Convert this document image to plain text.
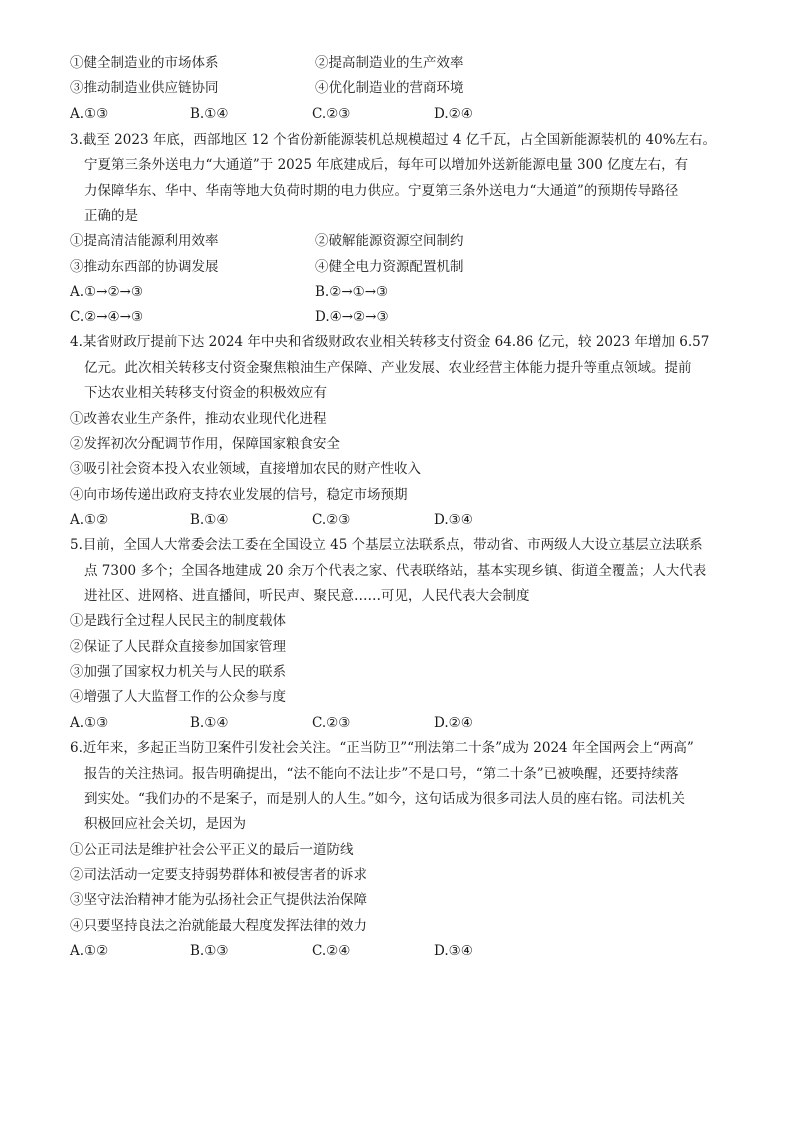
①健全制造业的市场体系	②提高制造业的生产效率
③推动制造业供应链协同	④优化制造业的营商环境
A.①③	B.①④	C.②③	D.②④
3.截至 2023 年底，西部地区 12 个省份新能源装机总规模超过 4 亿千瓦，占全国新能源装机的 40%左右。
宁夏第三条外送电力“大通道”于 2025 年底建成后，每年可以增加外送新能源电量 300 亿度左右，有
力保障华东、华中、华南等地大负荷时期的电力供应。宁夏第三条外送电力“大通道”的预期传导路径
正确的是
①提高清洁能源利用效率	②破解能源资源空间制约
③推动东西部的协调发展	④健全电力资源配置机制
A.①→②→③	B.②→①→③
C.②→④→③	D.④→②→③
4.某省财政厅提前下达 2024 年中央和省级财政农业相关转移支付资金 64.86 亿元，较 2023 年增加 6.57
亿元。此次相关转移支付资金聚焦粮油生产保障、产业发展、农业经营主体能力提升等重点领域。提前
下达农业相关转移支付资金的积极效应有
①改善农业生产条件，推动农业现代化进程
②发挥初次分配调节作用，保障国家粮食安全
③吸引社会资本投入农业领域，直接增加农民的财产性收入
④向市场传递出政府支持农业发展的信号，稳定市场预期
A.①②	B.①④	C.②③	D.③④
5.目前，全国人大常委会法工委在全国设立 45 个基层立法联系点，带动省、市两级人大设立基层立法联系
点 7300 多个；全国各地建成 20 余万个代表之家、代表联络站，基本实现乡镇、街道全覆盖；人大代表
进社区、进网格、进直播间，听民声、聚民意……可见，人民代表大会制度
①是践行全过程人民民主的制度载体
②保证了人民群众直接参加国家管理
③加强了国家权力机关与人民的联系
④增强了人大监督工作的公众参与度
A.①③	B.①④	C.②③	D.②④
6.近年来，多起正当防卫案件引发社会关注。“正当防卫”“刑法第二十条”成为 2024 年全国两会上“两高”
报告的关注热词。报告明确提出，“法不能向不法让步”不是口号，“第二十条”已被唤醒，还要持续落
到实处。“我们办的不是案子，而是别人的人生。”如今，这句话成为很多司法人员的座右铭。司法机关
积极回应社会关切，是因为
①公正司法是维护社会公平正义的最后一道防线
②司法活动一定要支持弱势群体和被侵害者的诉求
③坚守法治精神才能为弘扬社会正气提供法治保障
④只要坚持良法之治就能最大程度发挥法律的效力
A.①②	B.①③	C.②④	D.③④
